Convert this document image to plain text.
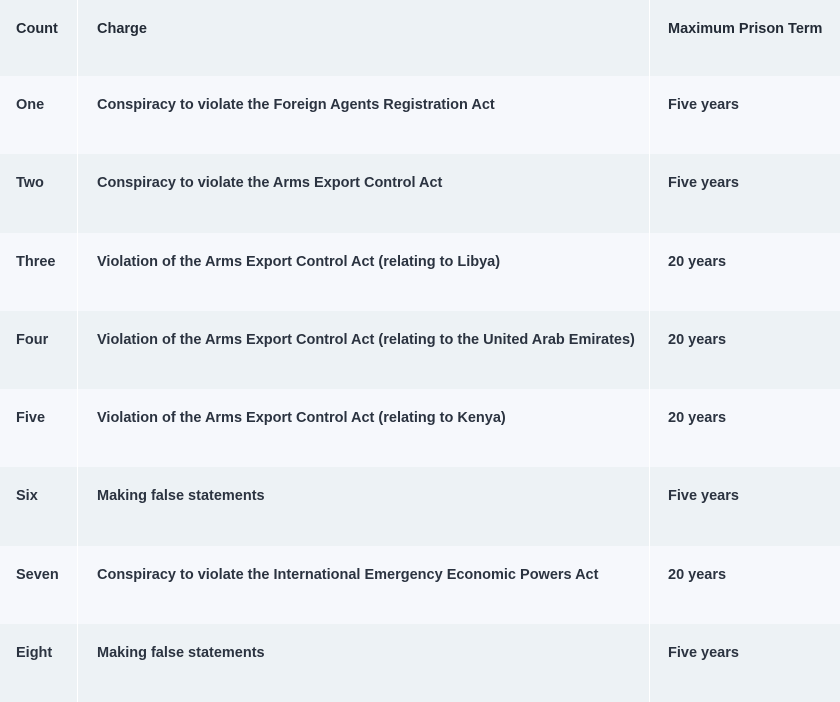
Count	Charge	Maximum Prison Term
One	Conspiracy to violate the Foreign Agents Registration Act	Five years
Two	Conspiracy to violate the Arms Export Control Act	Five years
Three	Violation of the Arms Export Control Act (relating to Libya)	20 years
Four	Violation of the Arms Export Control Act (relating to the United Arab Emirates)	20 years
Five	Violation of the Arms Export Control Act (relating to Kenya)	20 years
Six	Making false statements	Five years
Seven	Conspiracy to violate the International Emergency Economic Powers Act	20 years
Eight	Making false statements	Five years
